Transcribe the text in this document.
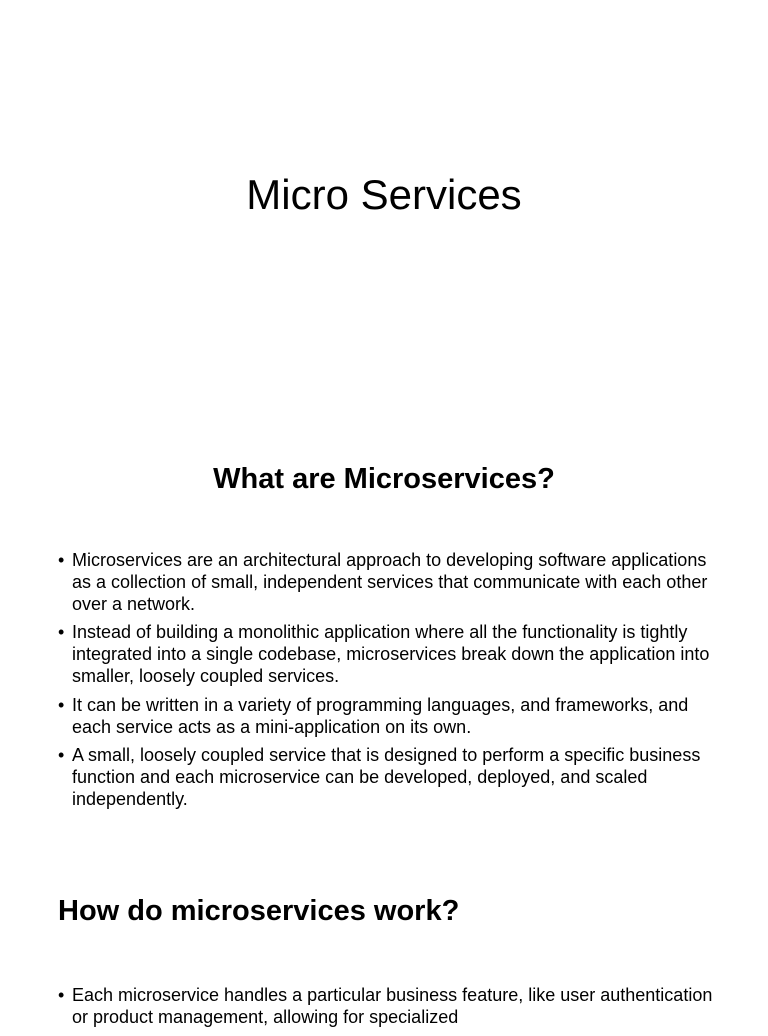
Micro Services
What are Microservices?
• Microservices are an architectural approach to developing software applications as a collection of small, independent services that communicate with each other over a network.
• Instead of building a monolithic application where all the functionality is tightly integrated into a single codebase, microservices break down the application into smaller, loosely coupled services.
• It can be written in a variety of programming languages, and frameworks, and each service acts as a mini-application on its own.
• A small, loosely coupled service that is designed to perform a specific business function and each microservice can be developed, deployed, and scaled independently.
How do microservices work?
• Each microservice handles a particular business feature, like user authentication or product management, allowing for specialized
